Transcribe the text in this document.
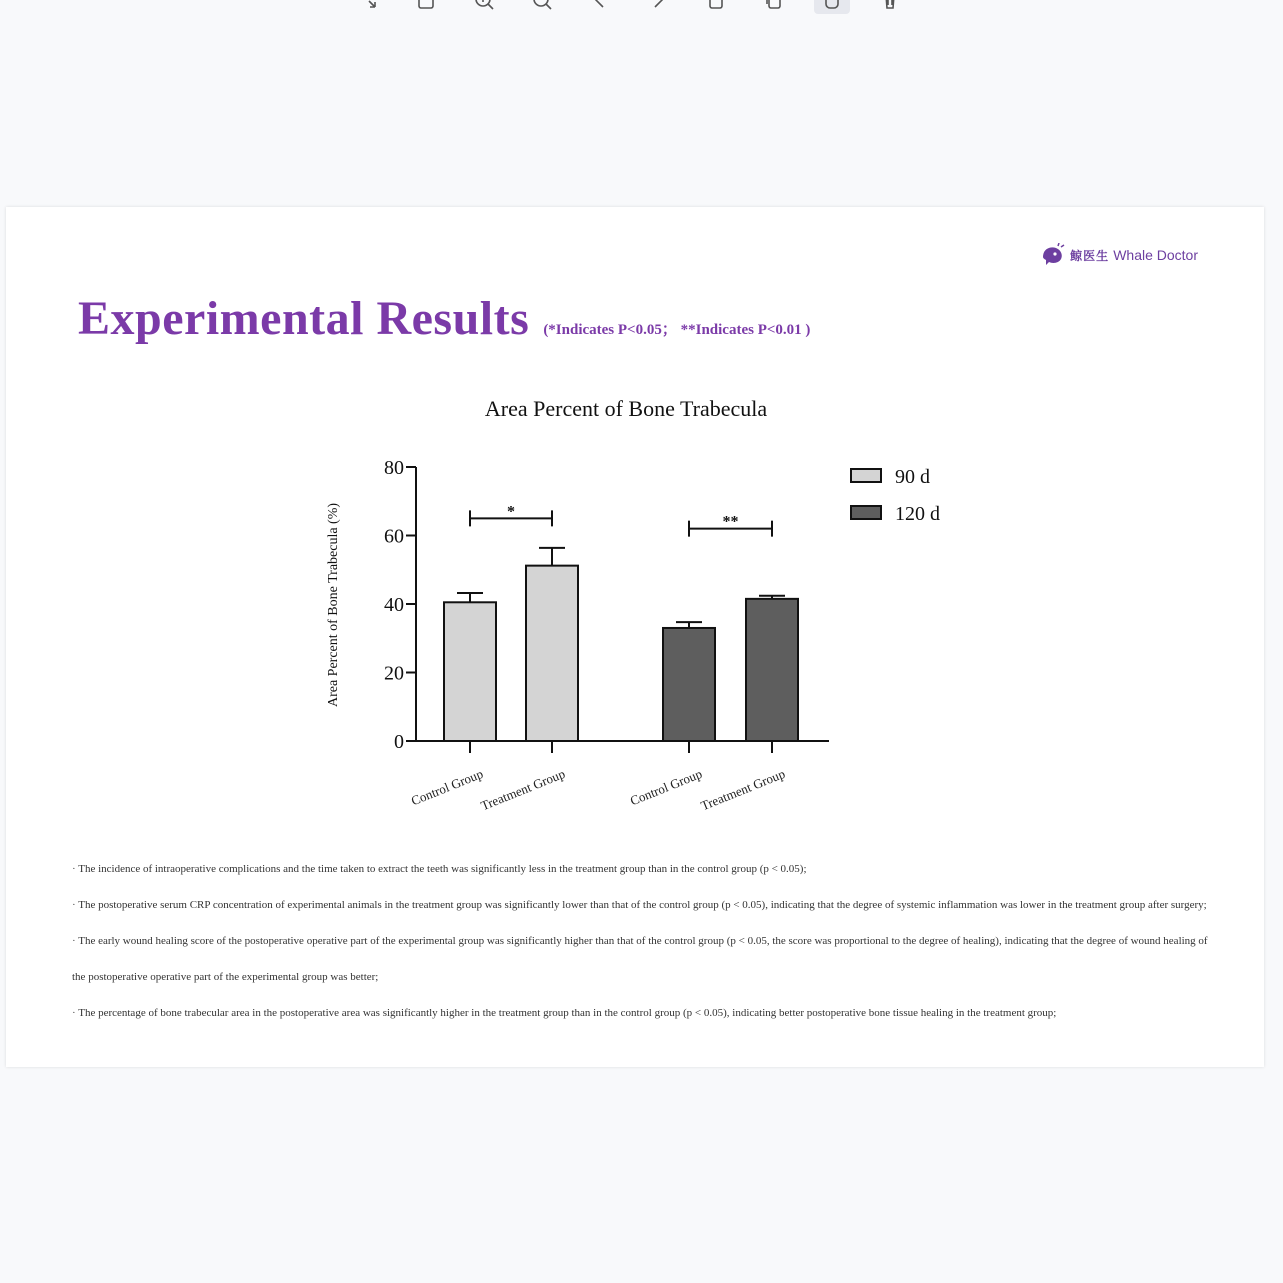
鲸医生 Whale Doctor
Experimental Results (*Indicates P<0.05； **Indicates P<0.01 )
Area Percent of Bone Trabecula
Area Percent of Bone Trabecula (%)
0
20
40
60
80
Control Group
Treatment Group	Control Group
Treatment Group
*
**
90 d
120 d
· The incidence of intraoperative complications and the time taken to extract the teeth was significantly less in the treatment group than in the control group (p < 0.05);
· The postoperative serum CRP concentration of experimental animals in the treatment group was significantly lower than that of the control group (p < 0.05), indicating that the degree of systemic inflammation was lower in the treatment group after surgery;
· The early wound healing score of the postoperative operative part of the experimental group was significantly higher than that of the control group (p < 0.05, the score was proportional to the degree of healing), indicating that the degree of wound healing of the postoperative operative part of the experimental group was better;
· The percentage of bone trabecular area in the postoperative area was significantly higher in the treatment group than in the control group (p < 0.05), indicating better postoperative bone tissue healing in the treatment group;
